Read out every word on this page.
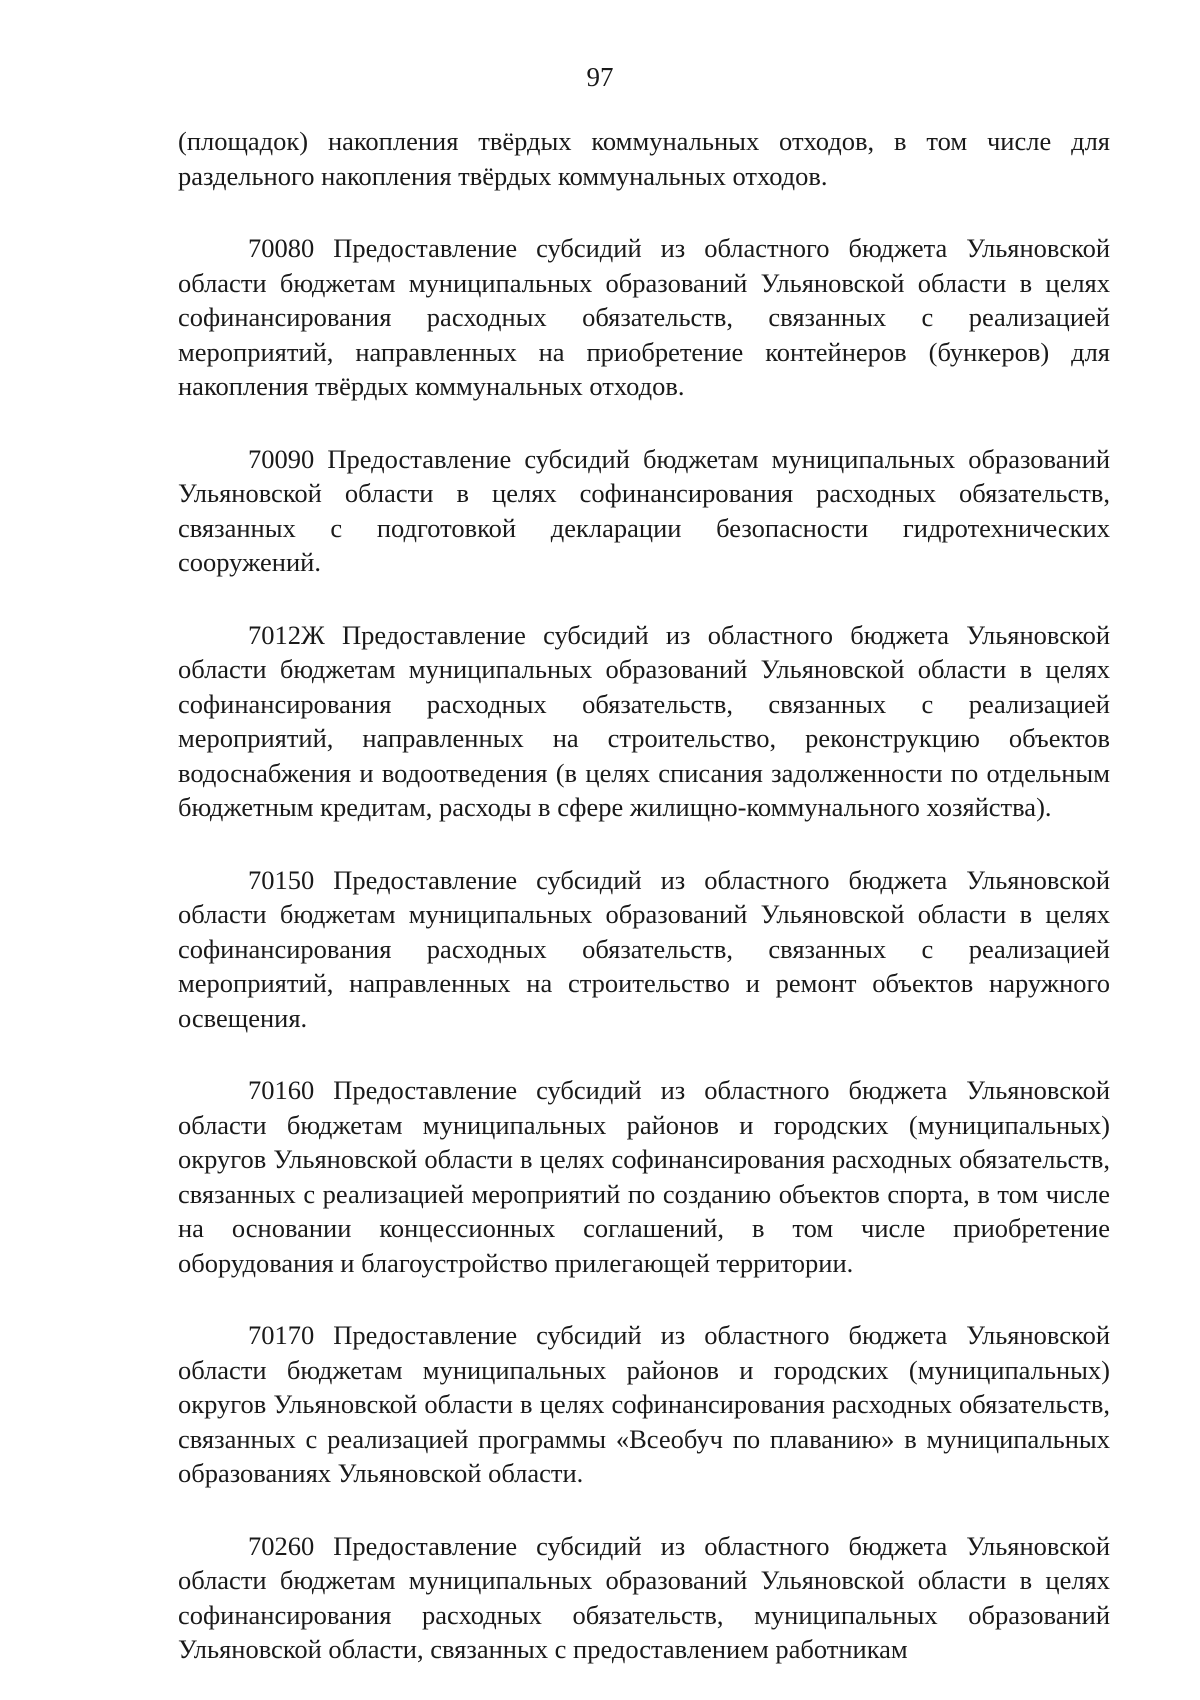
97

(площадок) накопления твёрдых коммунальных отходов, в том числе для раздельного накопления твёрдых коммунальных отходов.

70080 Предоставление субсидий из областного бюджета Ульяновской области бюджетам муниципальных образований Ульяновской области в целях софинансирования расходных обязательств, связанных с реализацией мероприятий, направленных на приобретение контейнеров (бункеров) для накопления твёрдых коммунальных отходов.

70090 Предоставление субсидий бюджетам муниципальных образований Ульяновской области в целях софинансирования расходных обязательств, связанных с подготовкой декларации безопасности гидротехнических сооружений.

7012Ж Предоставление субсидий из областного бюджета Ульяновской области бюджетам муниципальных образований Ульяновской области в целях софинансирования расходных обязательств, связанных с реализацией мероприятий, направленных на строительство, реконструкцию объектов водоснабжения и водоотведения (в целях списания задолженности по отдельным бюджетным кредитам, расходы в сфере жилищно-коммунального хозяйства).

70150 Предоставление субсидий из областного бюджета Ульяновской области бюджетам муниципальных образований Ульяновской области в целях софинансирования расходных обязательств, связанных с реализацией мероприятий, направленных на строительство и ремонт объектов наружного освещения.

70160 Предоставление субсидий из областного бюджета Ульяновской области бюджетам муниципальных районов и городских (муниципальных) округов Ульяновской области в целях софинансирования расходных обязательств, связанных с реализацией мероприятий по созданию объектов спорта, в том числе на основании концессионных соглашений, в том числе приобретение оборудования и благоустройство прилегающей территории.

70170 Предоставление субсидий из областного бюджета Ульяновской области бюджетам муниципальных районов и городских (муниципальных) округов Ульяновской области в целях софинансирования расходных обязательств, связанных с реализацией программы «Всеобуч по плаванию» в муниципальных образованиях Ульяновской области.

70260 Предоставление субсидий из областного бюджета Ульяновской области бюджетам муниципальных образований Ульяновской области в целях софинансирования расходных обязательств, муниципальных образований Ульяновской области, связанных с предоставлением работникам
